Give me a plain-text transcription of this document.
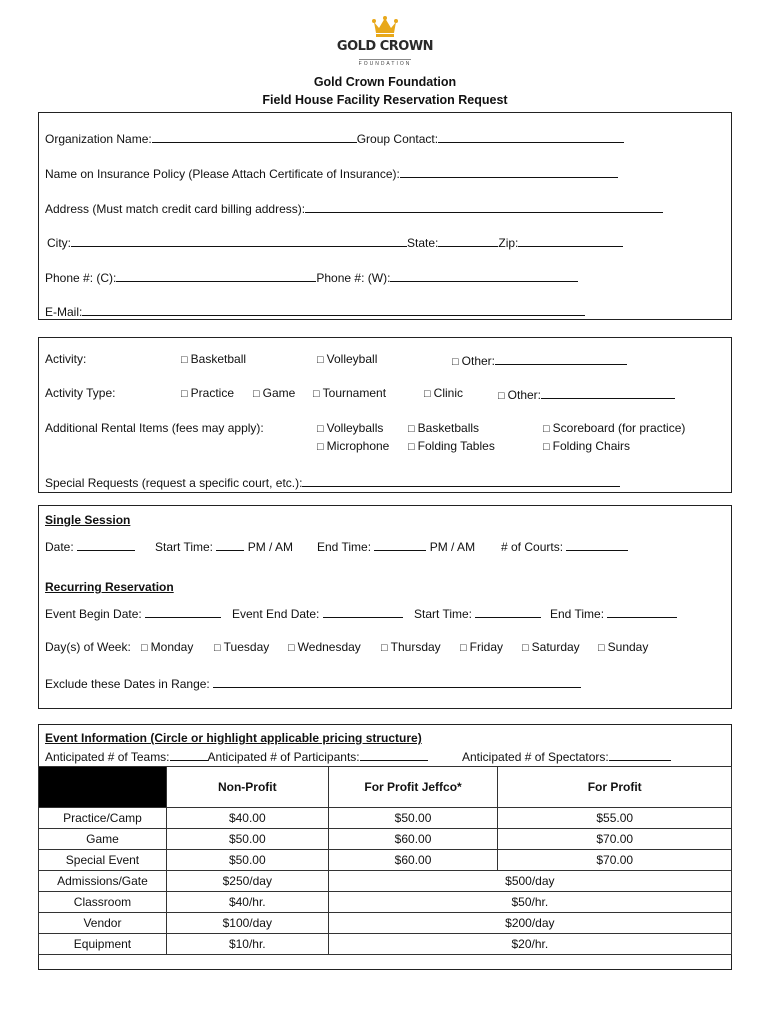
GOLD CROWN
FOUNDATION
Gold Crown Foundation
Field House Facility Reservation Request
Organization Name:	Group Contact:
Name on Insurance Policy (Please Attach Certificate of Insurance):
Address (Must match credit card billing address):
City:	State:	Zip:
Phone #: (C):	Phone #: (W):
E-Mail:
Activity:	□ Basketball	□ Volleyball	□ Other:
Activity Type:	□ Practice	□ Game	□ Tournament	□ Clinic	□ Other:
Additional Rental Items (fees may apply):	□ Volleyballs	□ Basketballs	□ Scoreboard (for practice)
□ Microphone	□ Folding Tables	□ Folding Chairs
Special Requests (request a specific court, etc.):
Single Session
Date:	Start Time:	PM / AM End Time:	PM / AM # of Courts:
Recurring Reservation
Event Begin Date:	Event End Date:	Start Time:	End Time:
Day(s) of Week:	□ Monday	□ Tuesday	□ Wednesday	□ Thursday	□ Friday	□ Saturday	□ Sunday
Exclude these Dates in Range:
Event Information (Circle or highlight applicable pricing structure)
Anticipated # of Teams:	Anticipated # of Participants:	Anticipated # of Spectators:
	Non-Profit	For Profit Jeffco*	For Profit
Practice/Camp	$40.00	$50.00	$55.00
Game	$50.00	$60.00	$70.00
Special Event	$50.00	$60.00	$70.00
Admissions/Gate	$250/day	$500/day	
Classroom	$40/hr.	$50/hr.	
Vendor	$100/day	$200/day	
Equipment	$10/hr.	$20/hr.	
